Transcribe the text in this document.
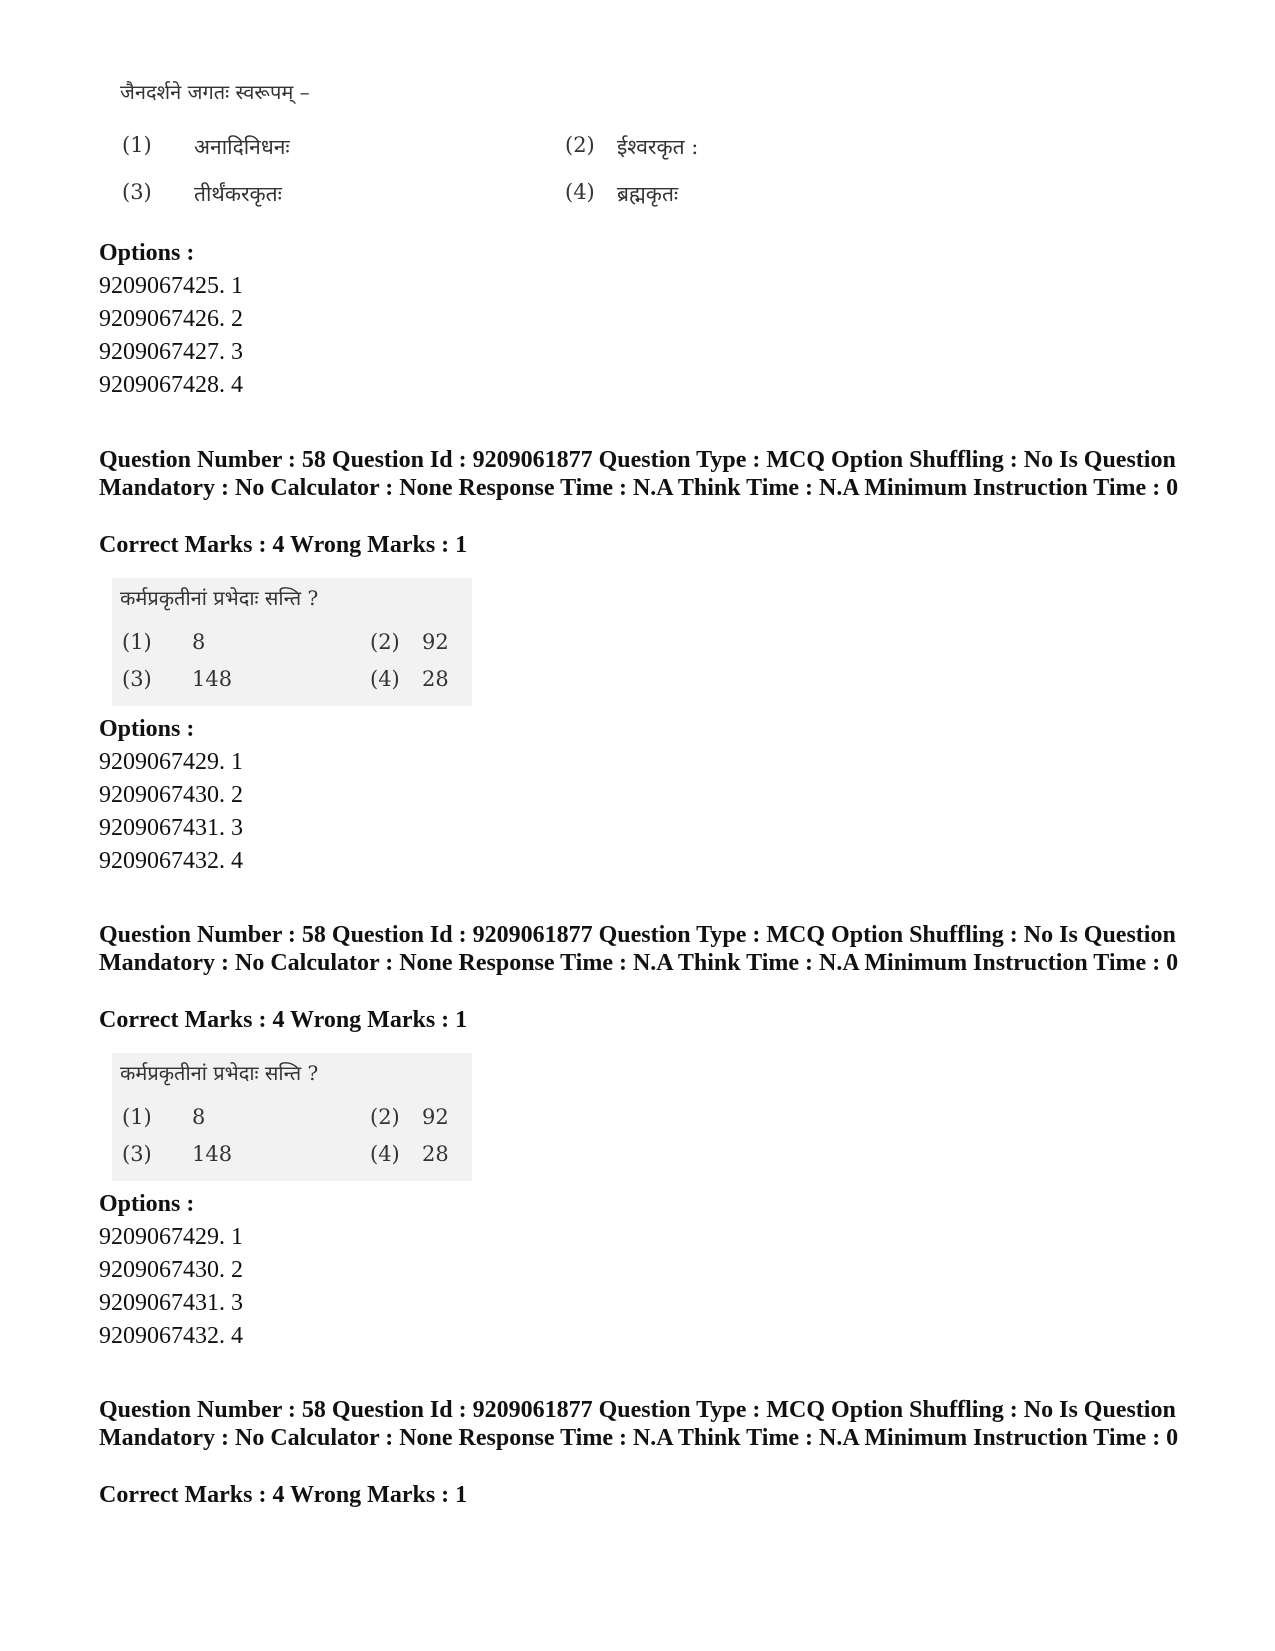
जैनदर्शने जगतः स्वरूपम् –
(1) अनादिनिधनः	(2) ईश्वरकृत :
(3) तीर्थंकरकृतः	(4) ब्रह्मकृतः
Options :
9209067425. 1
9209067426. 2
9209067427. 3
9209067428. 4
Question Number : 58 Question Id : 9209061877 Question Type : MCQ Option Shuffling : No Is Question Mandatory : No Calculator : None Response Time : N.A Think Time : N.A Minimum Instruction Time : 0
Correct Marks : 4 Wrong Marks : 1
कर्मप्रकृतीनां प्रभेदाः सन्ति ?
(1) 8	(2) 92
(3) 148	(4) 28
Options :
9209067429. 1
9209067430. 2
9209067431. 3
9209067432. 4
Question Number : 58 Question Id : 9209061877 Question Type : MCQ Option Shuffling : No Is Question Mandatory : No Calculator : None Response Time : N.A Think Time : N.A Minimum Instruction Time : 0
Correct Marks : 4 Wrong Marks : 1
कर्मप्रकृतीनां प्रभेदाः सन्ति ?
(1) 8	(2) 92
(3) 148	(4) 28
Options :
9209067429. 1
9209067430. 2
9209067431. 3
9209067432. 4
Question Number : 58 Question Id : 9209061877 Question Type : MCQ Option Shuffling : No Is Question Mandatory : No Calculator : None Response Time : N.A Think Time : N.A Minimum Instruction Time : 0
Correct Marks : 4 Wrong Marks : 1
